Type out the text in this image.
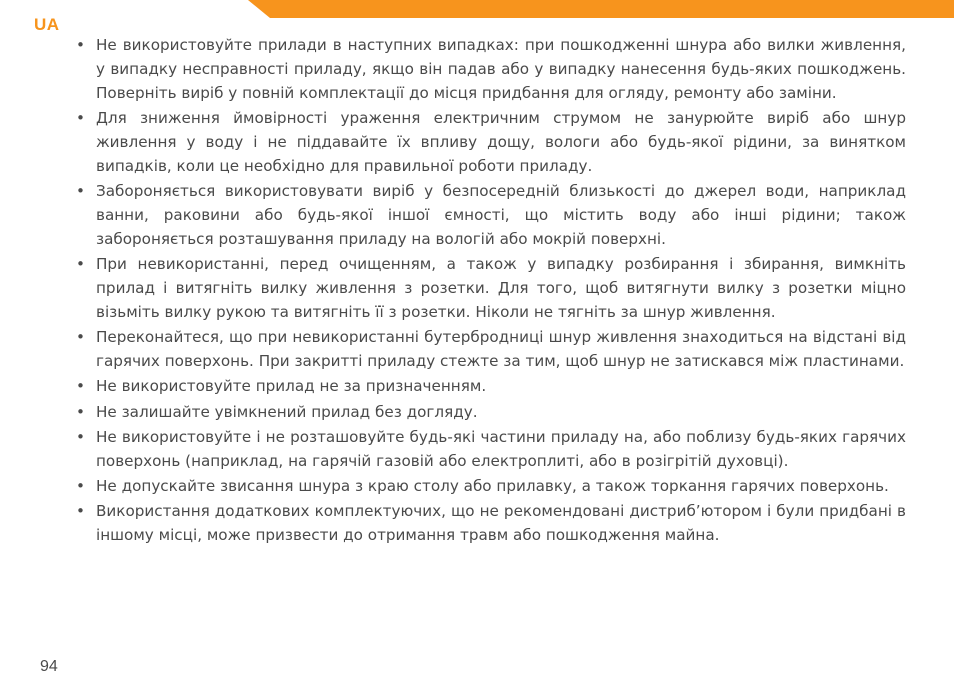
UA
• Не використовуйте прилади в наступних випадках: при пошкодженні шнура або вилки живлення, у випадку несправності приладу, якщо він падав або у випадку нанесення будь-яких пошкоджень. Поверніть виріб у повній комплектації до місця придбання для огляду, ремонту або заміни.
• Для зниження ймовірності ураження електричним струмом не занурюйте виріб або шнур живлення у воду і не піддавайте їх впливу дощу, вологи або будь-якої рідини, за винятком випадків, коли це необхідно для правильної роботи приладу.
• Забороняється використовувати виріб у безпосередній близькості до джерел води, наприклад ванни, раковини або будь-якої іншої ємності, що містить воду або інші рідини; також забороняється розташування приладу на вологій або мокрій поверхні.
• При невикористанні, перед очищенням, а також у випадку розбирання і збирання, вимкніть прилад і витягніть вилку живлення з розетки. Для того, щоб витягнути вилку з розетки міцно візьміть вилку рукою та витягніть її з розетки. Ніколи не тягніть за шнур живлення.
• Переконайтеся, що при невикористанні бутербродниці шнур живлення знаходиться на відстані від гарячих поверхонь. При закритті приладу стежте за тим, щоб шнур не затискався між пластинами.
• Не використовуйте прилад не за призначенням.
• Не залишайте увімкнений прилад без догляду.
• Не використовуйте і не розташовуйте будь-які частини приладу на, або поблизу будь-яких гарячих поверхонь (наприклад, на гарячій газовій або електроплиті, або в розігрітій духовці).
• Не допускайте звисання шнура з краю столу або прилавку, а також торкання гарячих поверхонь.
• Використання додаткових комплектуючих, що не рекомендовані дистриб’ютором і були придбані в іншому місці, може призвести до отримання травм або пошкодження майна.
94
